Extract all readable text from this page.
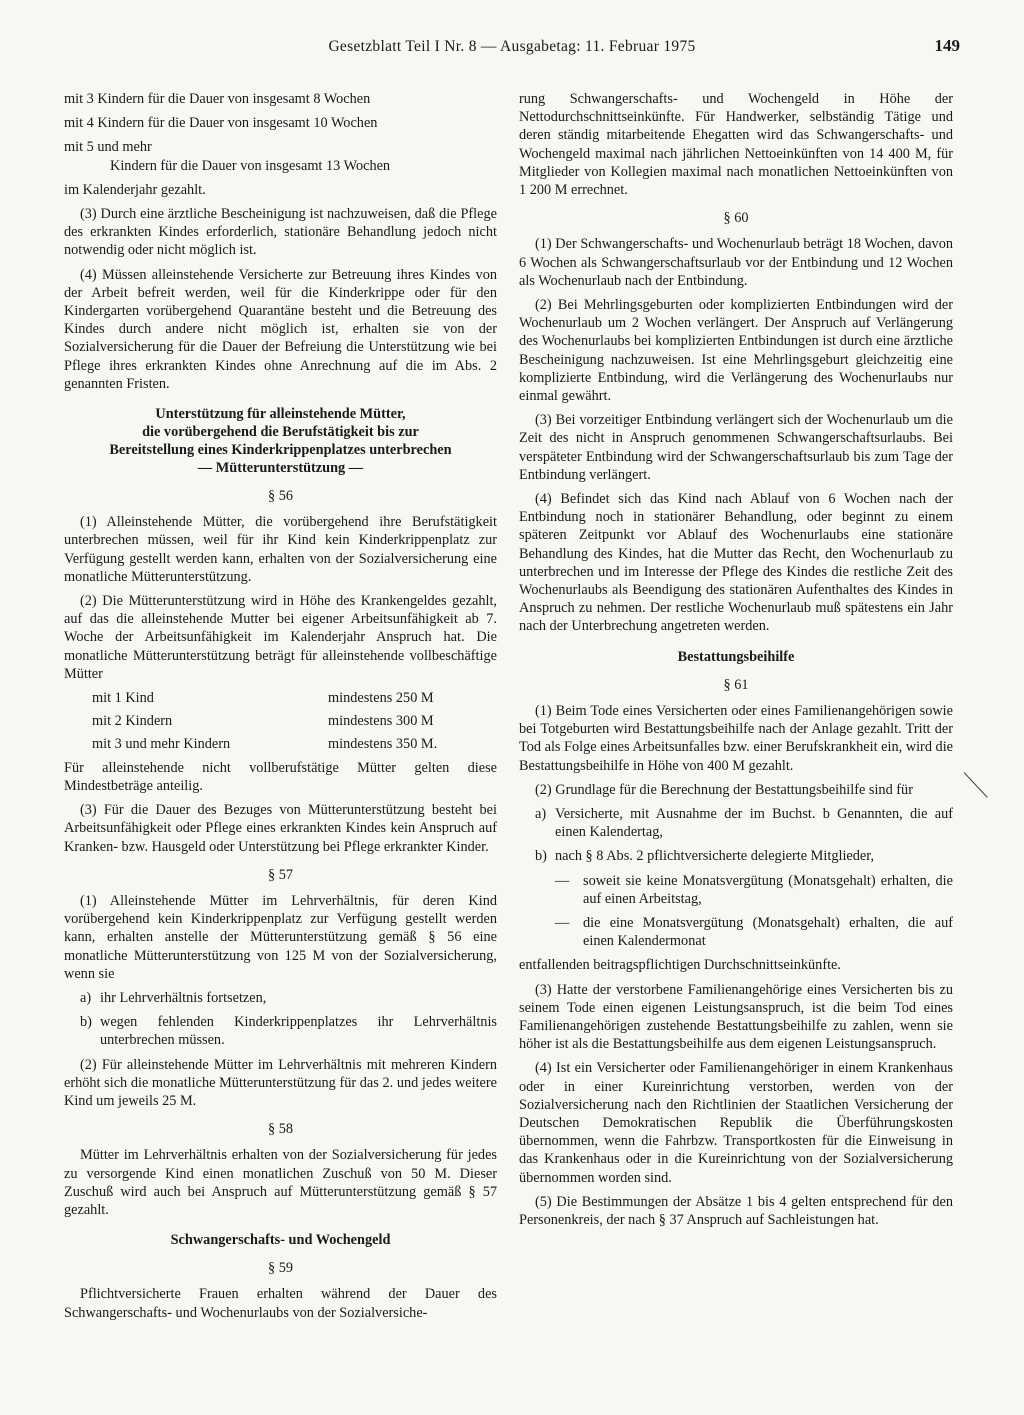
Gesetzblatt Teil I Nr. 8 — Ausgabetag: 11. Februar 1975	149

mit 3 Kindern für die Dauer von insgesamt 8 Wochen

mit 4 Kindern für die Dauer von insgesamt 10 Wochen

mit 5 und mehr

Kindern für die Dauer von insgesamt 13 Wochen

im Kalenderjahr gezahlt.

(3) Durch eine ärztliche Bescheinigung ist nachzuweisen, daß die Pflege des erkrankten Kindes erforderlich, stationäre Behandlung jedoch nicht notwendig oder nicht möglich ist.

(4) Müssen alleinstehende Versicherte zur Betreuung ihres Kindes von der Arbeit befreit werden, weil für die Kinderkrippe oder für den Kindergarten vorübergehend Quarantäne besteht und die Betreuung des Kindes durch andere nicht möglich ist, erhalten sie von der Sozialversicherung für die Dauer der Befreiung die Unterstützung wie bei Pflege ihres erkrankten Kindes ohne Anrechnung auf die im Abs. 2 genannten Fristen.

Unterstützung für alleinstehende Mütter,
die vorübergehend die Berufstätigkeit bis zur
Bereitstellung eines Kinderkrippenplatzes unterbrechen
— Mütterunterstützung —
§ 56

(1) Alleinstehende Mütter, die vorübergehend ihre Berufstätigkeit unterbrechen müssen, weil für ihr Kind kein Kinderkrippenplatz zur Verfügung gestellt werden kann, erhalten von der Sozialversicherung eine monatliche Mütterunterstützung.

(2) Die Mütterunterstützung wird in Höhe des Krankengeldes gezahlt, auf das die alleinstehende Mutter bei eigener Arbeitsunfähigkeit ab 7. Woche der Arbeitsunfähigkeit im Kalenderjahr Anspruch hat. Die monatliche Mütterunterstützung beträgt für alleinstehende vollbeschäftige Mütter

mit 1 Kind	mindestens 250 M
mit 2 Kindern	mindestens 300 M
mit 3 und mehr Kindern	mindestens 350 M.

Für alleinstehende nicht vollberufstätige Mütter gelten diese Mindestbeträge anteilig.

(3) Für die Dauer des Bezuges von Mütterunterstützung besteht bei Arbeitsunfähigkeit oder Pflege eines erkrankten Kindes kein Anspruch auf Kranken- bzw. Hausgeld oder Unterstützung bei Pflege erkrankter Kinder.

§ 57

(1) Alleinstehende Mütter im Lehrverhältnis, für deren Kind vorübergehend kein Kinderkrippenplatz zur Verfügung gestellt werden kann, erhalten anstelle der Mütterunterstützung gemäß § 56 eine monatliche Mütterunterstützung von 125 M von der Sozialversicherung, wenn sie

a) ihr Lehrverhältnis fortsetzen,
b) wegen fehlenden Kinderkrippenplatzes ihr Lehrverhältnis unterbrechen müssen.

(2) Für alleinstehende Mütter im Lehrverhältnis mit mehreren Kindern erhöht sich die monatliche Mütterunterstützung für das 2. und jedes weitere Kind um jeweils 25 M.

§ 58

Mütter im Lehrverhältnis erhalten von der Sozialversicherung für jedes zu versorgende Kind einen monatlichen Zuschuß von 50 M. Dieser Zuschuß wird auch bei Anspruch auf Mütterunterstützung gemäß § 57 gezahlt.

Schwangerschafts- und Wochengeld
§ 59

Pflichtversicherte Frauen erhalten während der Dauer des Schwangerschafts- und Wochenurlaubs von der Sozialversiche-

rung Schwangerschafts- und Wochengeld in Höhe der Nettodurchschnittseinkünfte. Für Handwerker, selbständig Tätige und deren ständig mitarbeitende Ehegatten wird das Schwangerschafts- und Wochengeld maximal nach jährlichen Nettoeinkünften von 14 400 M, für Mitglieder von Kollegien maximal nach monatlichen Nettoeinkünften von 1 200 M errechnet.

§ 60

(1) Der Schwangerschafts- und Wochenurlaub beträgt 18 Wochen, davon 6 Wochen als Schwangerschaftsurlaub vor der Entbindung und 12 Wochen als Wochenurlaub nach der Entbindung.

(2) Bei Mehrlingsgeburten oder komplizierten Entbindungen wird der Wochenurlaub um 2 Wochen verlängert. Der Anspruch auf Verlängerung des Wochenurlaubs bei komplizierten Entbindungen ist durch eine ärztliche Bescheinigung nachzuweisen. Ist eine Mehrlingsgeburt gleichzeitig eine komplizierte Entbindung, wird die Verlängerung des Wochenurlaubs nur einmal gewährt.

(3) Bei vorzeitiger Entbindung verlängert sich der Wochenurlaub um die Zeit des nicht in Anspruch genommenen Schwangerschaftsurlaubs. Bei verspäteter Entbindung wird der Schwangerschaftsurlaub bis zum Tage der Entbindung verlängert.

(4) Befindet sich das Kind nach Ablauf von 6 Wochen nach der Entbindung noch in stationärer Behandlung, oder beginnt zu einem späteren Zeitpunkt vor Ablauf des Wochenurlaubs eine stationäre Behandlung des Kindes, hat die Mutter das Recht, den Wochenurlaub zu unterbrechen und im Interesse der Pflege des Kindes die restliche Zeit des Wochenurlaubs als Beendigung des stationären Aufenthaltes des Kindes in Anspruch zu nehmen. Der restliche Wochenurlaub muß spätestens ein Jahr nach der Unterbrechung angetreten werden.

Bestattungsbeihilfe
§ 61

(1) Beim Tode eines Versicherten oder eines Familienangehörigen sowie bei Totgeburten wird Bestattungsbeihilfe nach der Anlage gezahlt. Tritt der Tod als Folge eines Arbeitsunfalles bzw. einer Berufskrankheit ein, wird die Bestattungsbeihilfe in Höhe von 400 M gezahlt.

(2) Grundlage für die Berechnung der Bestattungsbeihilfe sind für

a) Versicherte, mit Ausnahme der im Buchst. b Genannten, die auf einen Kalendertag,
b) nach § 8 Abs. 2 pflichtversicherte delegierte Mitglieder,
— soweit sie keine Monatsvergütung (Monatsgehalt) erhalten, die auf einen Arbeitstag,
— die eine Monatsvergütung (Monatsgehalt) erhalten, die auf einen Kalendermonat

entfallenden beitragspflichtigen Durchschnittseinkünfte.

(3) Hatte der verstorbene Familienangehörige eines Versicherten bis zu seinem Tode einen eigenen Leistungsanspruch, ist die beim Tod eines Familienangehörigen zustehende Bestattungsbeihilfe zu zahlen, wenn sie höher ist als die Bestattungsbeihilfe aus dem eigenen Leistungsanspruch.

(4) Ist ein Versicherter oder Familienangehöriger in einem Krankenhaus oder in einer Kureinrichtung verstorben, werden von der Sozialversicherung nach den Richtlinien der Staatlichen Versicherung der Deutschen Demokratischen Republik die Überführungskosten übernommen, wenn die Fahrbzw. Transportkosten für die Einweisung in das Krankenhaus oder in die Kureinrichtung von der Sozialversicherung übernommen worden sind.

(5) Die Bestimmungen der Absätze 1 bis 4 gelten entsprechend für den Personenkreis, der nach § 37 Anspruch auf Sachleistungen hat.
